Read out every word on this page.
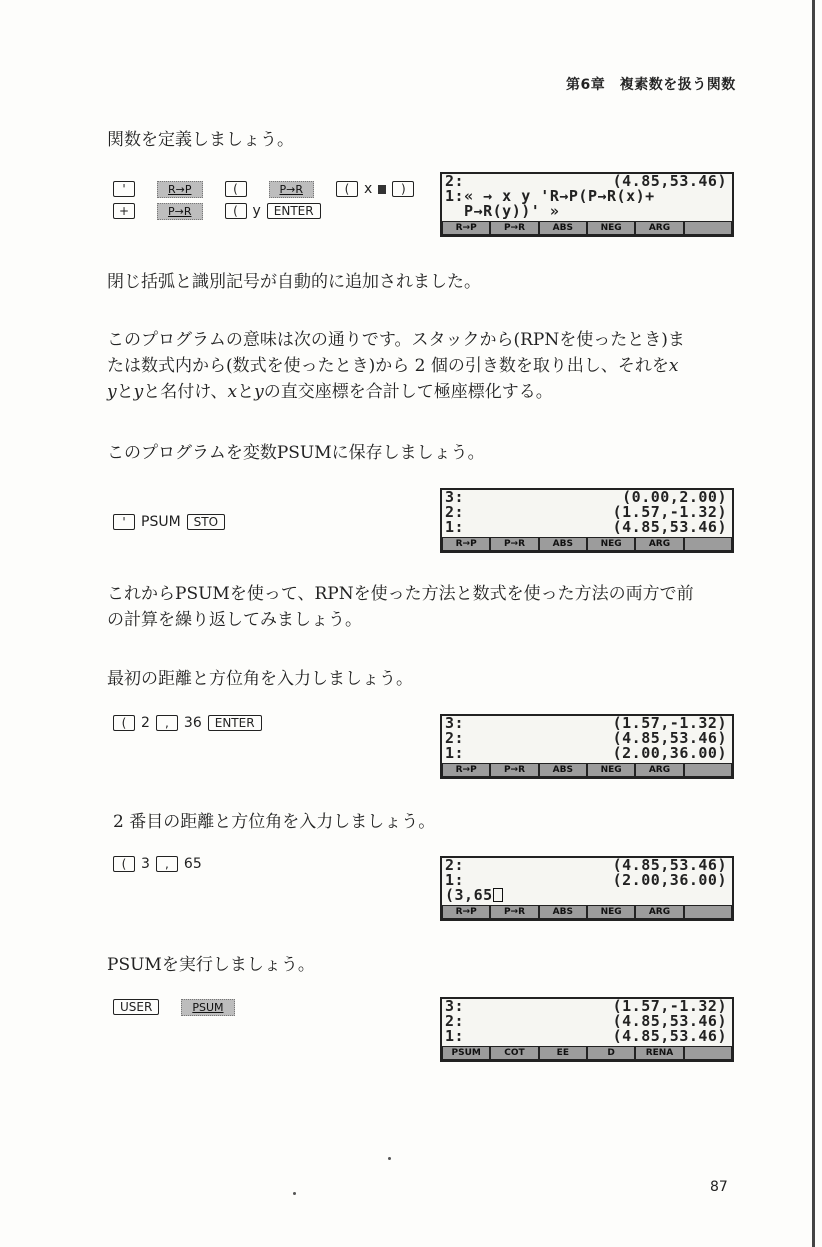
第6章　複素数を扱う関数

関数を定義しましょう。

'	R→P	(	P→R	(	x	)
+	P→R	(	y	ENTER
2:	(4.85,53.46)
1: « → x y 'R→P(P→R(x)+
P→R(y))' »
R→P	P→R	ABS	NEG	ARG

閉じ括弧と識別記号が自動的に追加されました。

このプログラムの意味は次の通りです。スタックから(RPNを使ったとき)ま

たは数式内から(数式を使ったとき)から 2 個の引き数を取り出し、それをx

yとyと名付け、xとyの直交座標を合計して極座標化する。

このプログラムを変数PSUMに保存しましょう。

'	PSUM	STO
3:	(0.00,2.00)
2:	(1.57,-1.32)
1:	(4.85,53.46)
R→P	P→R	ABS	NEG	ARG

これからPSUMを使って、RPNを使った方法と数式を使った方法の両方で前

の計算を繰り返してみましょう。

最初の距離と方位角を入力しましょう。

(	2	,	36	ENTER	3:	(1.57,-1.32)
2:	(4.85,53.46)
1:	(2.00,36.00)
R→P	P→R	ABS	NEG	ARG

2 番目の距離と方位角を入力しましょう。

(	3	,	65	2:	(4.85,53.46)
1:	(2.00,36.00)
(3,65
R→P	P→R	ABS	NEG	ARG

PSUMを実行しましょう。

USER	PSUM	3:	(1.57,-1.32)
2:	(4.85,53.46)
1:	(4.85,53.46)
PSUM	COT	EE	D	RENA
87
